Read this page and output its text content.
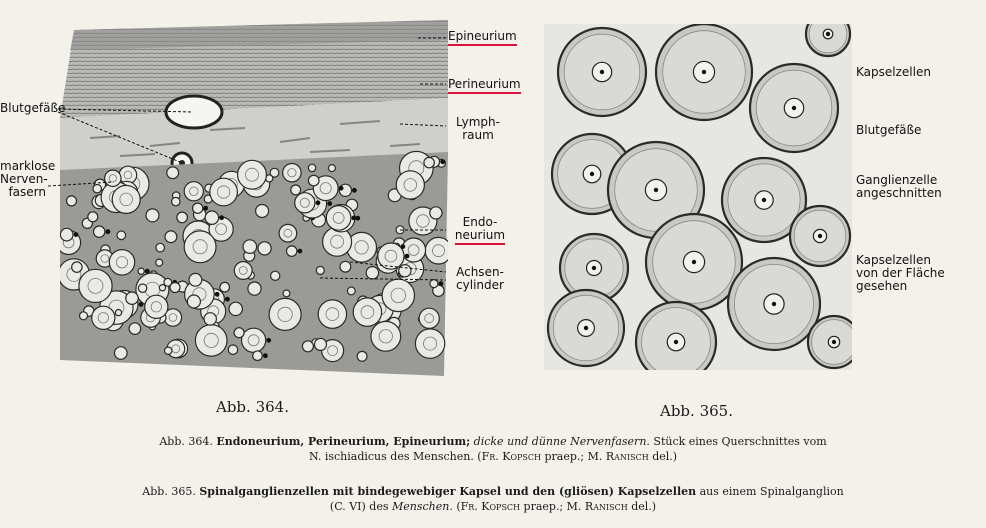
Epineurium
Perineurium
Blutgefäße
Lymph-
raum
marklose
Nerven-
fasern
Endo-
neurium
Achsen-
cylinder
Kapselzellen
Blutgefäße
Ganglienzelle
angeschnitten
Kapselzellen
von der Fläche
gesehen
Abb. 364.	Abb. 365.
Abb. 364. Endoneurium, Perineurium, Epineurium; dicke und dünne Nervenfasern. Stück eines Querschnittes vom
N. ischiadicus des Menschen. (Fr. Kopsch praep.; M. Ranisch del.)
Abb. 365. Spinalganglienzellen mit bindegewebiger Kapsel und den (gliösen) Kapselzellen aus einem Spinalganglion
(C. VI) des Menschen. (Fr. Kopsch praep.; M. Ranisch del.)
